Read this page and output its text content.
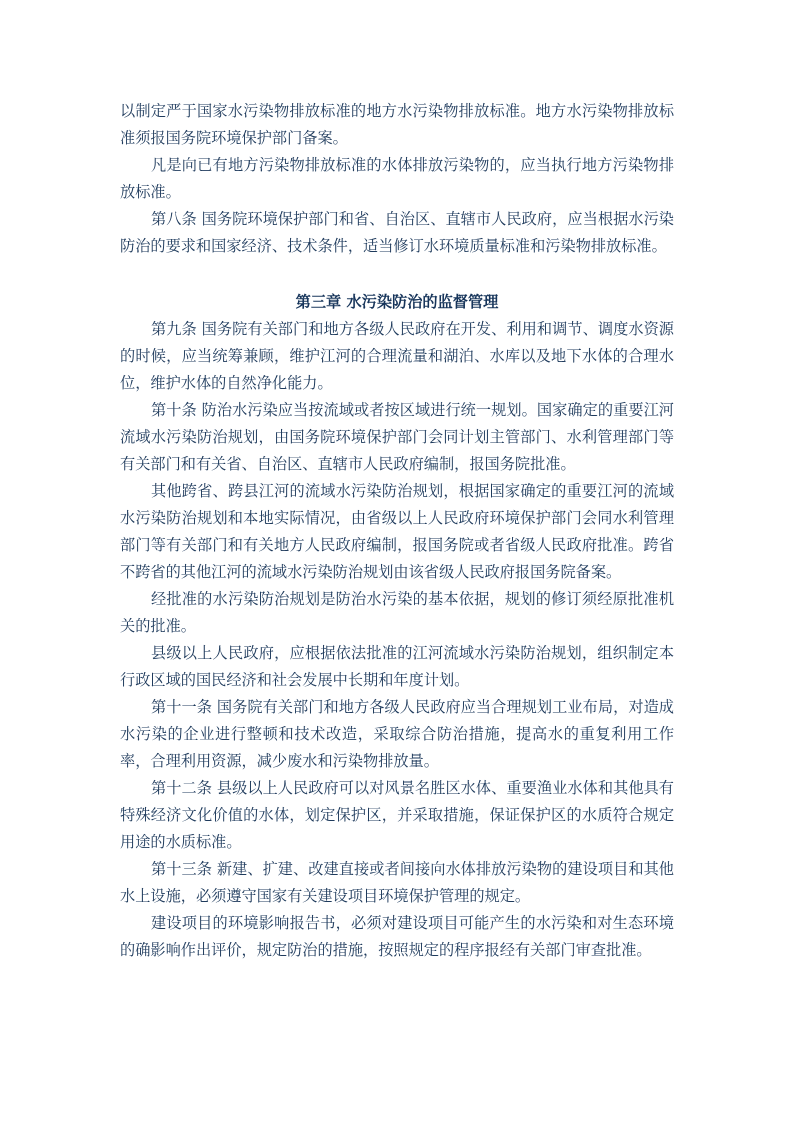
以制定严于国家水污染物排放标准的地方水污染物排放标准。地方水污染物排放标准须报国务院环境保护部门备案。

凡是向已有地方污染物排放标准的水体排放污染物的，应当执行地方污染物排放标准。

第八条 国务院环境保护部门和省、自治区、直辖市人民政府，应当根据水污染防治的要求和国家经济、技术条件，适当修订水环境质量标准和污染物排放标准。

第三章 水污染防治的监督管理

第九条 国务院有关部门和地方各级人民政府在开发、利用和调节、调度水资源的时候，应当统筹兼顾，维护江河的合理流量和湖泊、水库以及地下水体的合理水位，维护水体的自然净化能力。

第十条 防治水污染应当按流域或者按区域进行统一规划。国家确定的重要江河流域水污染防治规划，由国务院环境保护部门会同计划主管部门、水利管理部门等有关部门和有关省、自治区、直辖市人民政府编制，报国务院批准。

其他跨省、跨县江河的流域水污染防治规划，根据国家确定的重要江河的流域水污染防治规划和本地实际情况，由省级以上人民政府环境保护部门会同水利管理部门等有关部门和有关地方人民政府编制，报国务院或者省级人民政府批准。跨省不跨省的其他江河的流域水污染防治规划由该省级人民政府报国务院备案。

经批准的水污染防治规划是防治水污染的基本依据，规划的修订须经原批准机关的批准。

县级以上人民政府，应根据依法批准的江河流域水污染防治规划，组织制定本行政区域的国民经济和社会发展中长期和年度计划。

第十一条 国务院有关部门和地方各级人民政府应当合理规划工业布局，对造成水污染的企业进行整顿和技术改造，采取综合防治措施，提高水的重复利用工作率，合理利用资源，减少废水和污染物排放量。

第十二条 县级以上人民政府可以对风景名胜区水体、重要渔业水体和其他具有特殊经济文化价值的水体，划定保护区，并采取措施，保证保护区的水质符合规定用途的水质标准。

第十三条 新建、扩建、改建直接或者间接向水体排放污染物的建设项目和其他水上设施，必须遵守国家有关建设项目环境保护管理的规定。

建设项目的环境影响报告书，必须对建设项目可能产生的水污染和对生态环境的确影响作出评价，规定防治的措施，按照规定的程序报经有关部门审查批准。
